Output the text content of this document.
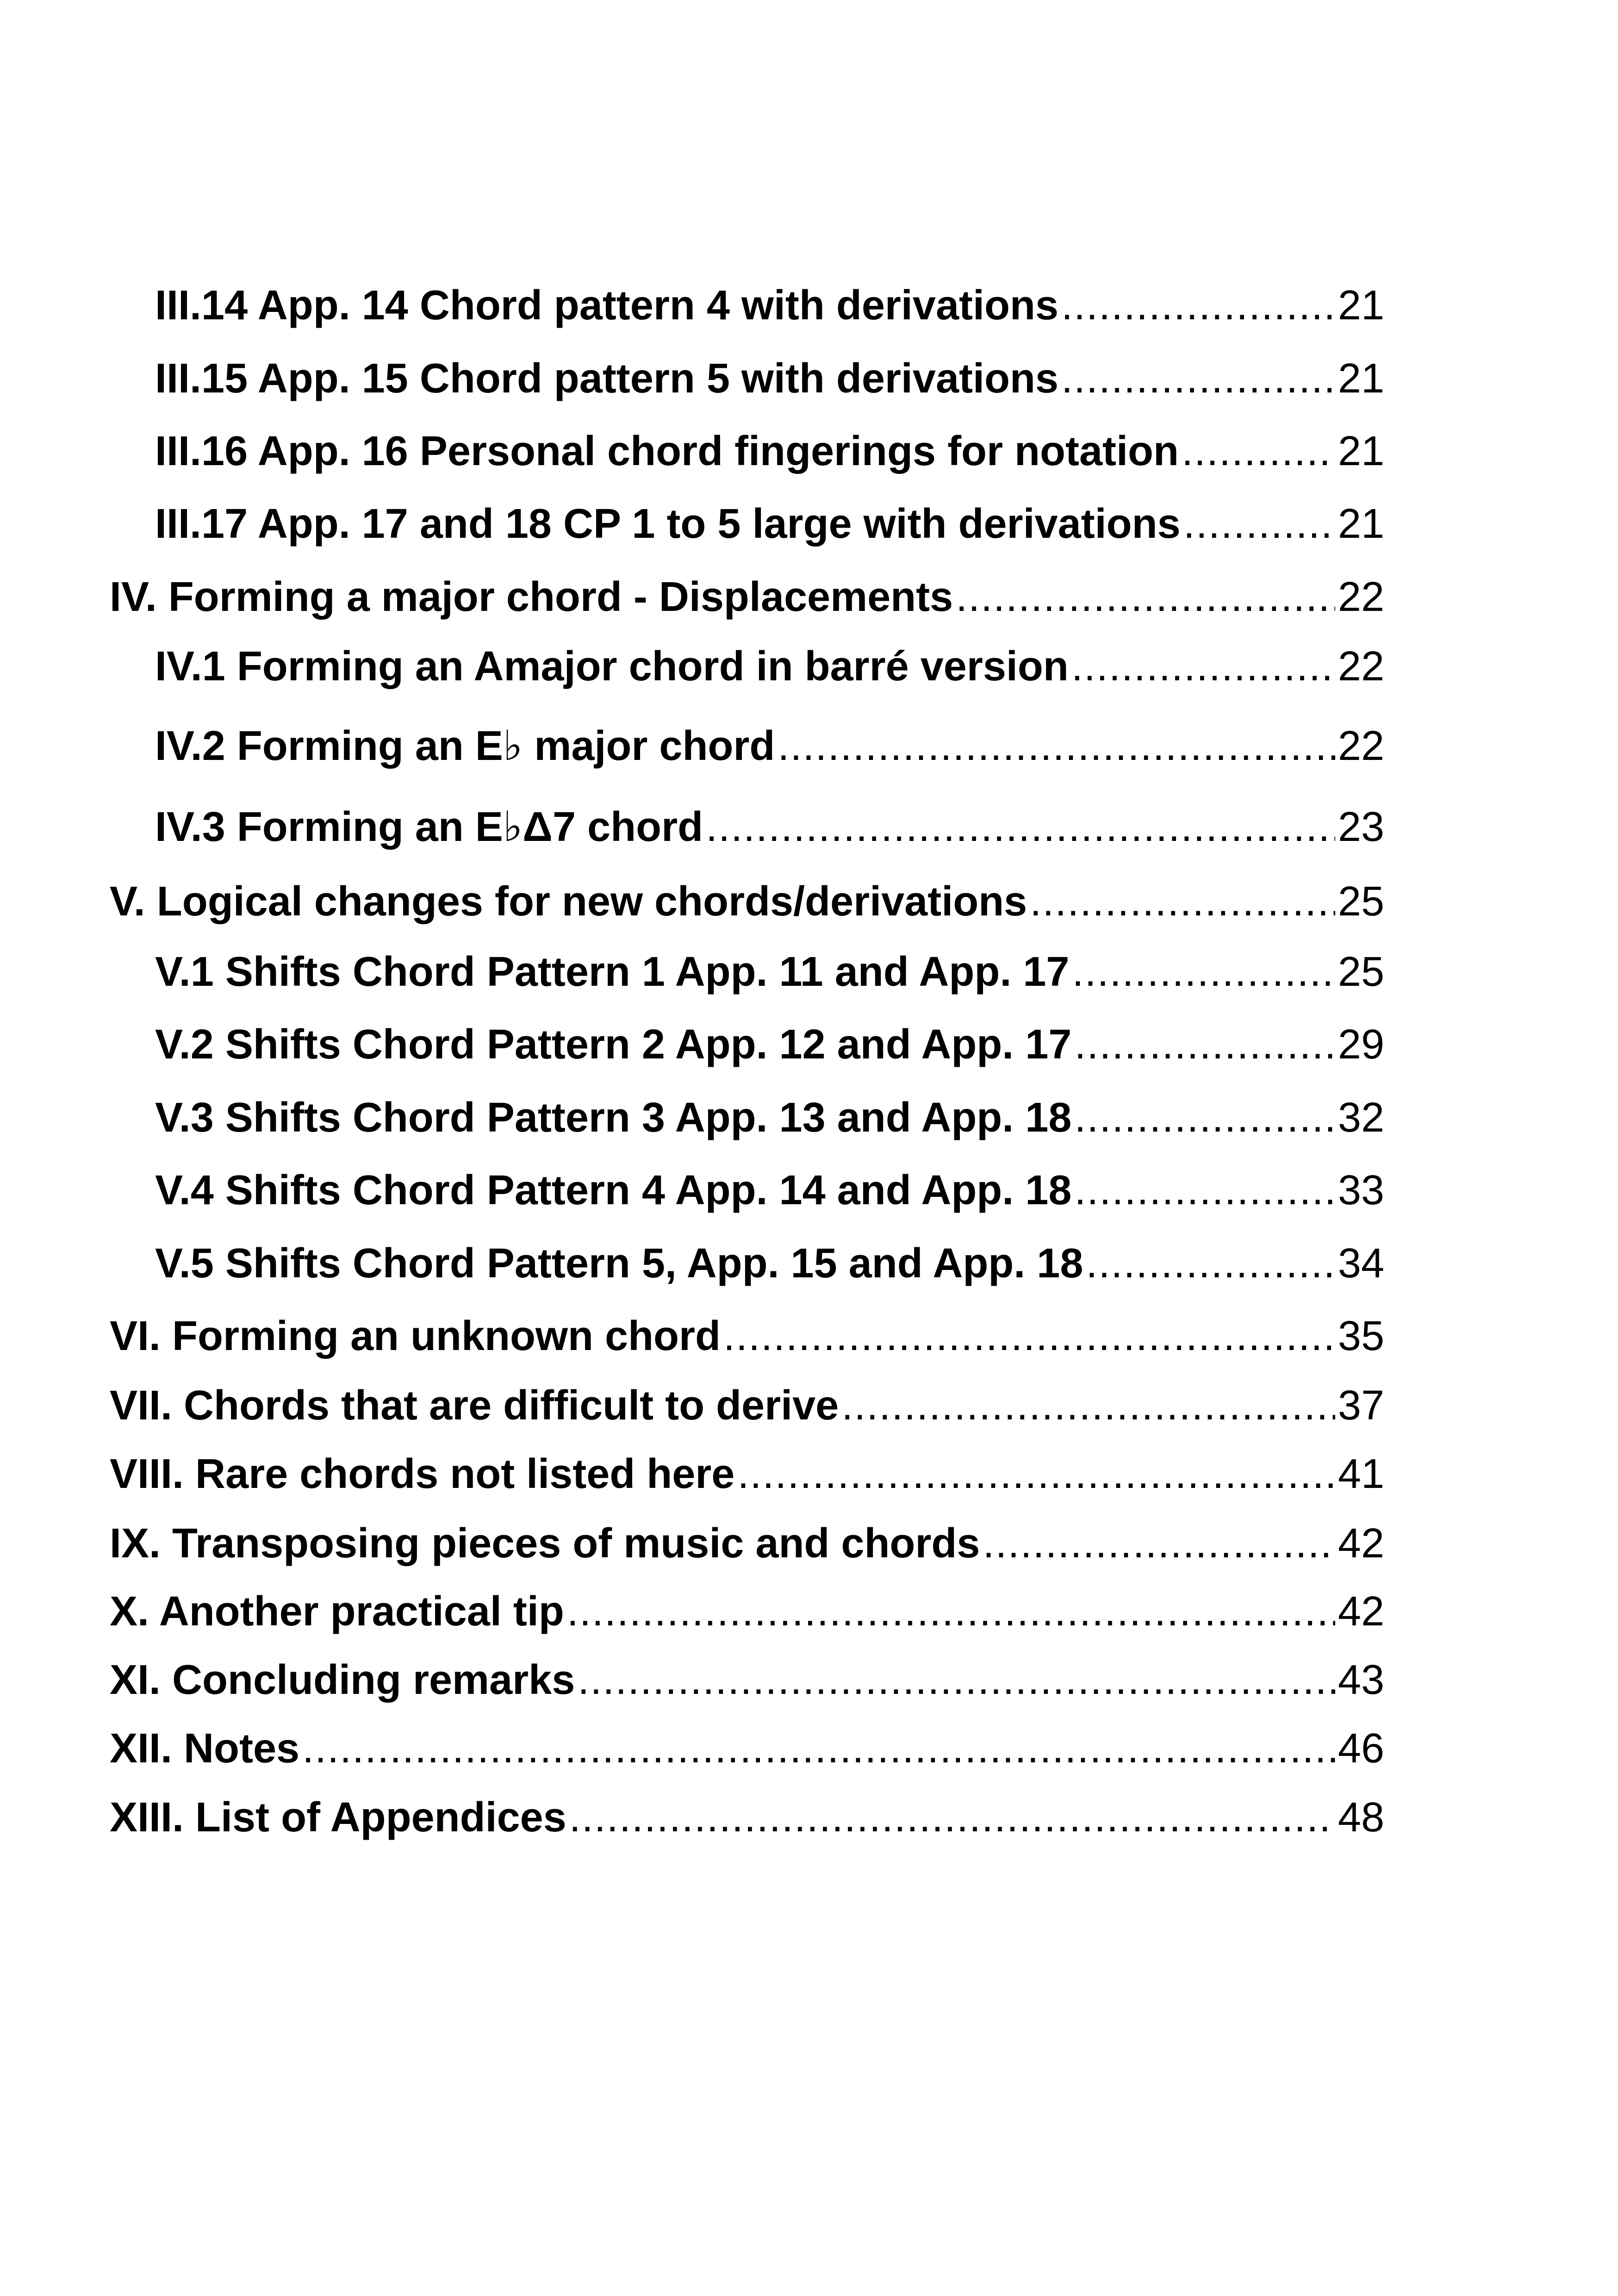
III.14 App. 14 Chord pattern 4 with derivations .....	21
III.15 App. 15 Chord pattern 5 with derivations .....	21
III.16 App. 16 Personal chord fingerings for notation .....	21
III.17 App. 17 and 18 CP 1 to 5 large with derivations .....	21
IV. Forming a major chord - Displacements .....	22
IV.1 Forming an Amajor chord in barré version .....	22
IV.2 Forming an E♭ major chord .....	22
IV.3 Forming an E♭Δ7 chord .....	23
V. Logical changes for new chords/derivations .....	25
V.1 Shifts Chord Pattern 1 App. 11 and App. 17 .....	25
V.2 Shifts Chord Pattern 2 App. 12 and App. 17 .....	29
V.3 Shifts Chord Pattern 3 App. 13 and App. 18 .....	32
V.4 Shifts Chord Pattern 4 App. 14 and App. 18 .....	33
V.5 Shifts Chord Pattern 5, App. 15 and App. 18 .....	34
VI. Forming an unknown chord .....	35
VII. Chords that are difficult to derive .....	37
VIII. Rare chords not listed here .....	41
IX. Transposing pieces of music and chords .....	42
X. Another practical tip .....	42
XI. Concluding remarks .....	43
XII. Notes .....	46
XIII. List of Appendices .....	48
